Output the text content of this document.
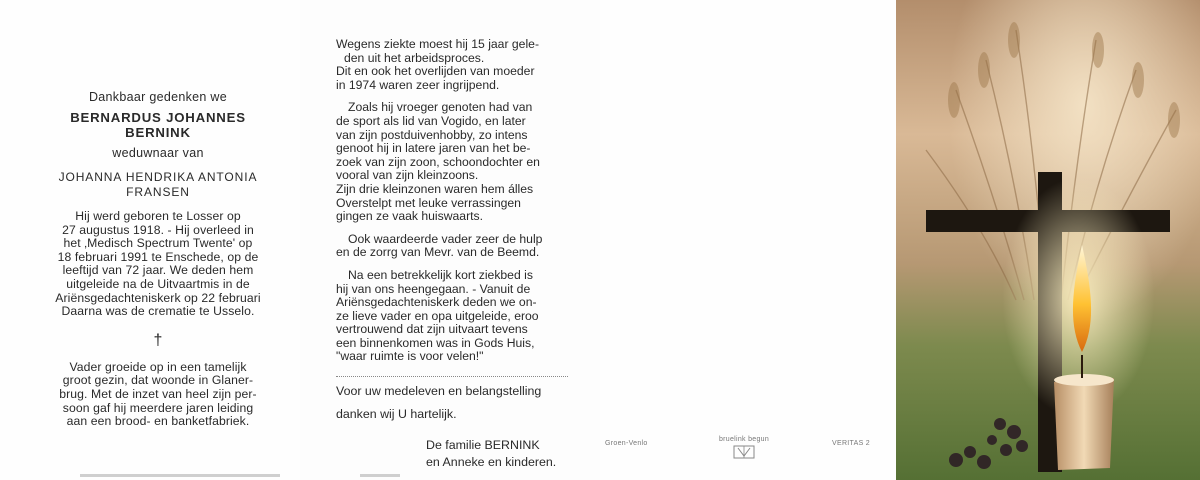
Dankbaar gedenken we
BERNARDUS JOHANNES
BERNINK
weduwnaar van
JOHANNA HENDRIKA ANTONIA
FRANSEN
Hij werd geboren te Losser op
27 augustus 1918. - Hij overleed in
het ‚Medisch Spectrum Twente' op
18 februari 1991 te Enschede, op de
leeftijd van 72 jaar. We deden hem
uitgeleide na de Uitvaartmis in de
Ariënsgedachteniskerk op 22 februari
Daarna was de crematie te Usselo.
†
Vader groeide op in een tamelijk
groot gezin, dat woonde in Glaner-
brug. Met de inzet van heel zijn per-
soon gaf hij meerdere jaren leiding
aan een brood- en banketfabriek.
Wegens ziekte moest hij 15 jaar gele-
den uit het arbeidsproces.
Dit en ook het overlijden van moeder
in 1974 waren zeer ingrijpend.
Zoals hij vroeger genoten had van
de sport als lid van Vogido, en later
van zijn postduivenhobby, zo intens
genoot hij in latere jaren van het be-
zoek van zijn zoon, schoondochter en
vooral van zijn kleinzoons.
Zijn drie kleinzonen waren hem álles
Overstelpt met leuke verrassingen
gingen ze vaak huiswaarts.
Ook waardeerde vader zeer de hulp
en de zorrg van Mevr. van de Beemd.
Na een betrekkelijk kort ziekbed is
hij van ons heengegaan. - Vanuit de
Ariënsgedachteniskerk deden we on-
ze lieve vader en opa uitgeleide, eroo
vertrouwend dat zijn uitvaart tevens
een binnenkomen was in Gods Huis,
"waar ruimte is voor velen!"
Voor uw medeleven en belangstelling
danken wij U hartelijk.
De familie BERNINK
en Anneke en kinderen.
Groen-Venlo
bruelink begun
VERITAS 2
